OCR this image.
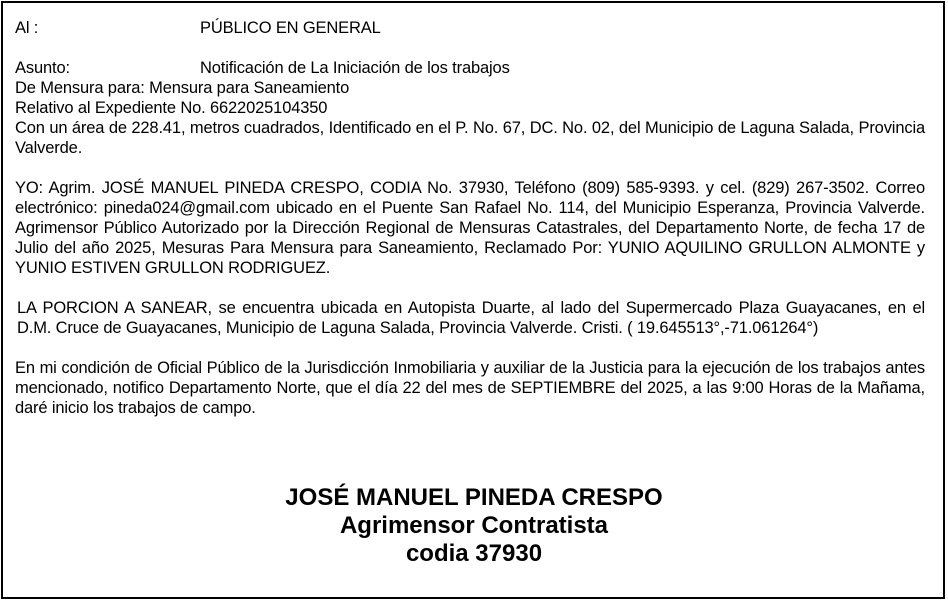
Al :	PÚBLICO EN GENERAL
Asunto:	Notificación de La Iniciación de los trabajos
De Mensura para: Mensura para Saneamiento
Relativo al Expediente No. 6622025104350
Con un área de 228.41, metros cuadrados, Identificado en el P. No. 67, DC. No. 02, del Municipio de Laguna Salada, Provincia Valverde.
YO: Agrim. JOSÉ MANUEL PINEDA CRESPO, CODIA No. 37930, Teléfono (809) 585-9393. y cel. (829) 267-3502. Correo electrónico: pineda024@gmail.com ubicado en el Puente San Rafael No. 114, del Municipio Esperanza, Provincia Valverde. Agrimensor Público Autorizado por la Dirección Regional de Mensuras Catastrales, del Departamento Norte, de fecha 17 de Julio del año 2025, Mesuras Para Mensura para Saneamiento, Reclamado Por: YUNIO AQUILINO GRULLON ALMONTE y YUNIO ESTIVEN GRULLON RODRIGUEZ.
LA PORCION A SANEAR, se encuentra ubicada en Autopista Duarte, al lado del Supermercado Plaza Guayacanes, en el D.M. Cruce de Guayacanes, Municipio de Laguna Salada, Provincia Valverde. Cristi. ( 19.645513°,-71.061264°)
En mi condición de Oficial Público de la Jurisdicción Inmobiliaria y auxiliar de la Justicia para la ejecución de los trabajos antes mencionado, notifico Departamento Norte, que el día 22 del mes de SEPTIEMBRE del 2025, a las 9:00 Horas de la Mañama, daré inicio los trabajos de campo.
JOSÉ MANUEL PINEDA CRESPO
Agrimensor Contratista
codia 37930
